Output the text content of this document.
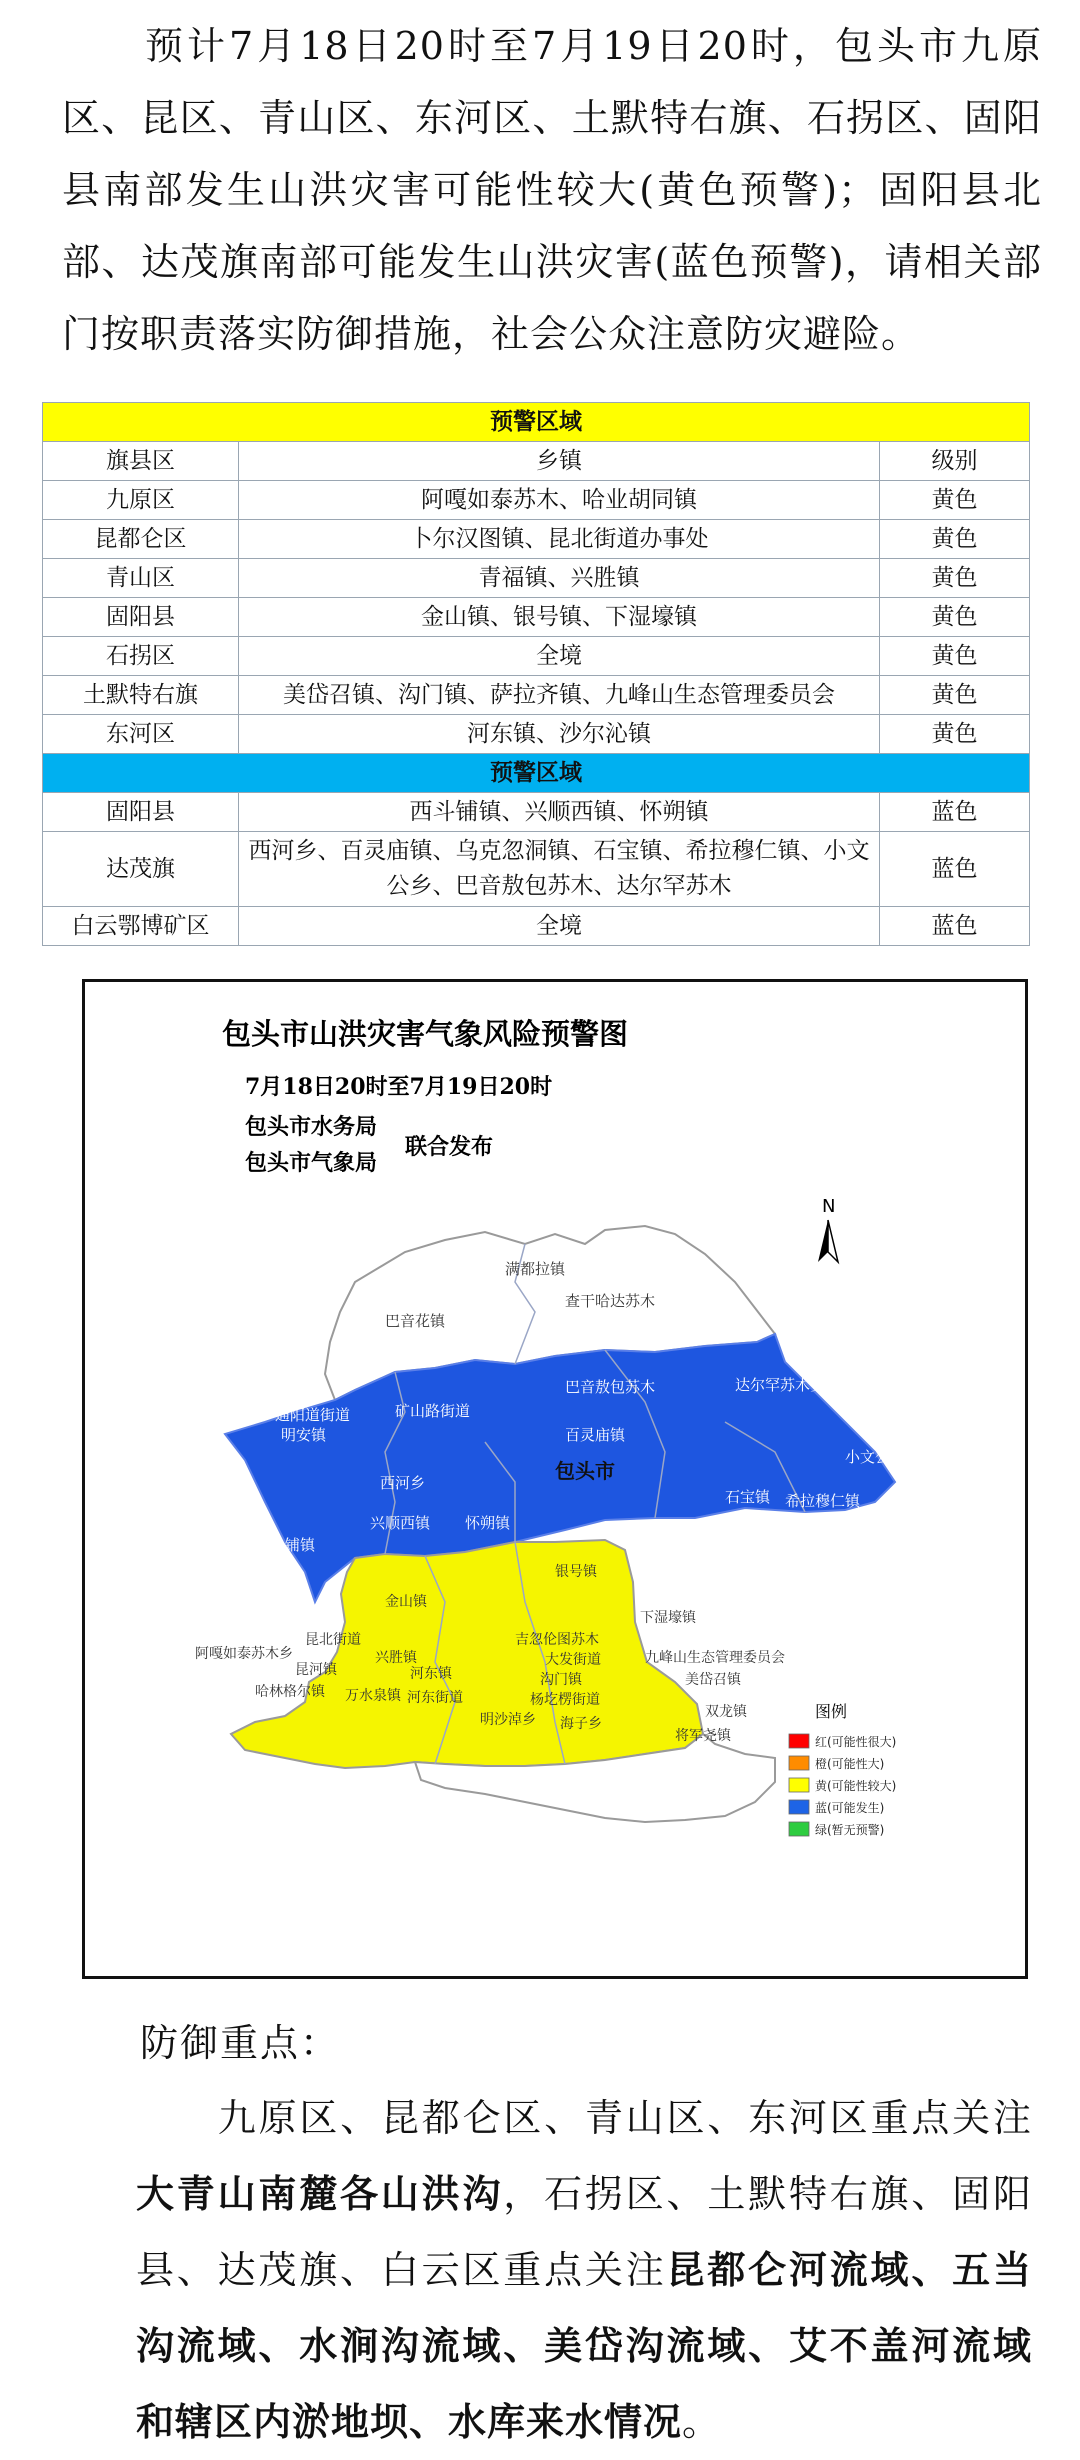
预计7月18日20时至7月19日20时，包头市九原区、昆区、青山区、东河区、土默特右旗、石拐区、固阳县南部发生山洪灾害可能性较大(黄色预警)；固阳县北部、达茂旗南部可能发生山洪灾害(蓝色预警)，请相关部门按职责落实防御措施，社会公众注意防灾避险。

预警区域		
旗县区	乡镇	级别
九原区	阿嘎如泰苏木、哈业胡同镇	黄色
昆都仑区	卜尔汉图镇、昆北街道办事处	黄色
青山区	青福镇、兴胜镇	黄色
固阳县	金山镇、银号镇、下湿壕镇	黄色
石拐区	全境	黄色
土默特右旗	美岱召镇、沟门镇、萨拉齐镇、九峰山生态管理委员会	黄色
东河区	河东镇、沙尔沁镇	黄色
预警区域		
固阳县	西斗铺镇、兴顺西镇、怀朔镇	蓝色
达茂旗	西河乡、百灵庙镇、乌克忽洞镇、石宝镇、希拉穆仁镇、小文公乡、巴音敖包苏木、达尔罕苏木	蓝色
白云鄂博矿区	全境	蓝色
包头市山洪灾害气象风险预警图
7月18日20时至7月19日20时
包头市水务局
包头市气象局
联合发布
N
满都拉镇
查干哈达苏木
巴音花镇
巴音敖包苏木	达尔罕苏木乡
通阳道街道	矿山路街道
明安镇	百灵庙镇
小文公乡
西河乡
石宝镇 希拉穆仁镇
兴顺西镇 怀朔镇
西斗铺镇
银号镇
金山镇
下湿壕镇
吉忽伦图苏木
阿嘎如泰苏木乡
昆北街道
兴胜镇	大发街道	九峰山生态管理委员会
昆河镇	河东镇	沟门镇	美岱召镇
哈林格尔镇 万水泉镇 河东街道	杨圪楞街道
双龙镇
明沙淖乡 海子乡
将军尧镇
包头市
图例
红(可能性很大)
橙(可能性大)
黄(可能性较大)
蓝(可能发生)
绿(暂无预警)
防御重点：

九原区、昆都仑区、青山区、东河区重点关注大青山南麓各山洪沟，石拐区、土默特右旗、固阳县、达茂旗、白云区重点关注昆都仑河流域、五当沟流域、水涧沟流域、美岱沟流域、艾不盖河流域和辖区内淤地坝、水库来水情况。
